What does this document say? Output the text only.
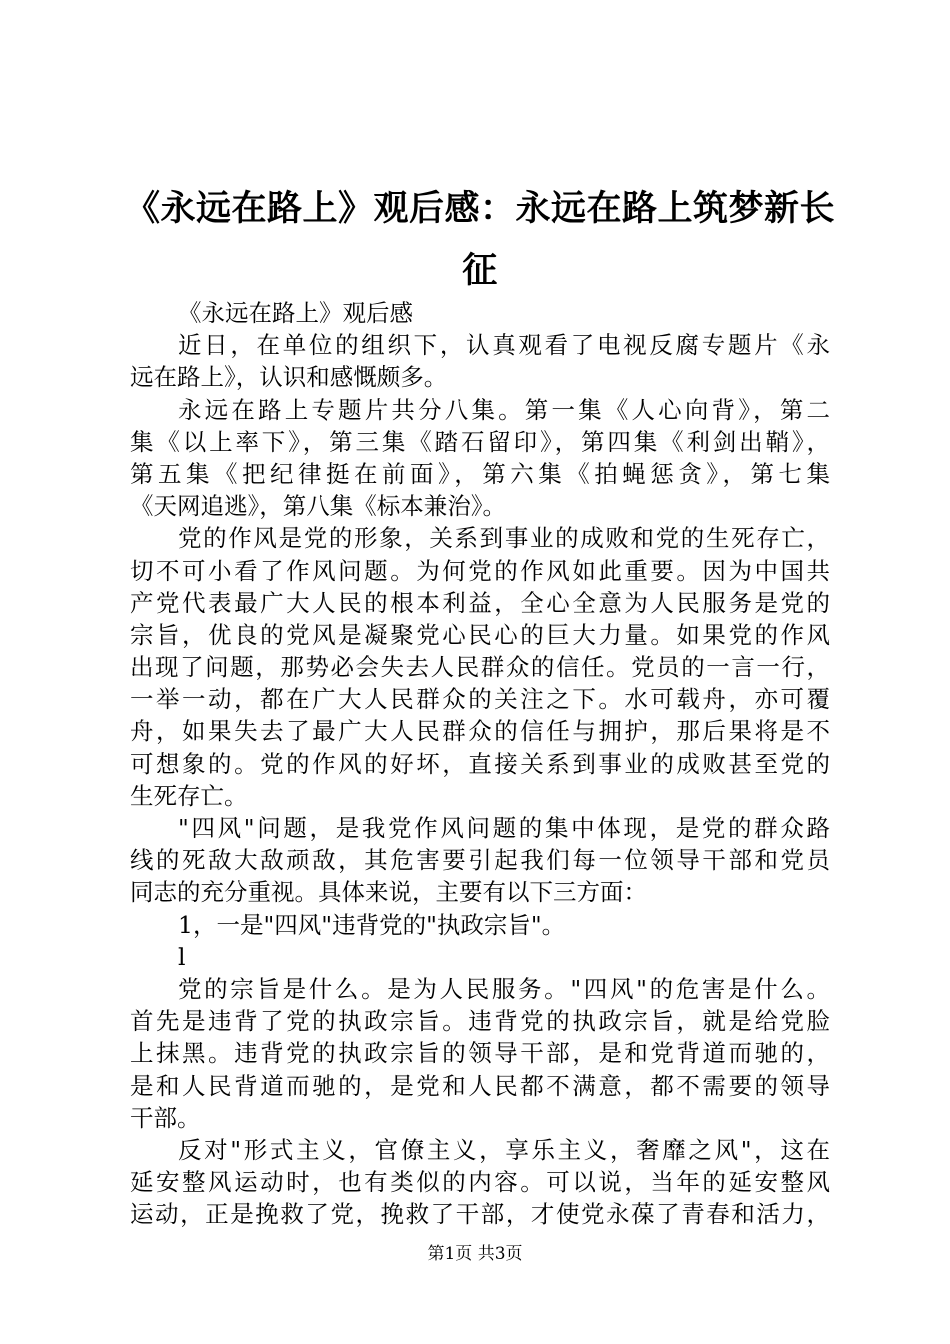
《永远在路上》观后感：永远在路上筑梦新长
征
《永远在路上》观后感
近日，在单位的组织下，认真观看了电视反腐专题片《永
远在路上》，认识和感慨颇多。
永远在路上专题片共分八集。第一集《人心向背》，第二
集《以上率下》，第三集《踏石留印》，第四集《利剑出鞘》，
第五集《把纪律挺在前面》，第六集《拍蝇惩贪》，第七集
《天网追逃》，第八集《标本兼治》。
党的作风是党的形象，关系到事业的成败和党的生死存亡，
切不可小看了作风问题。为何党的作风如此重要。因为中国共
产党代表最广大人民的根本利益，全心全意为人民服务是党的
宗旨，优良的党风是凝聚党心民心的巨大力量。如果党的作风
出现了问题，那势必会失去人民群众的信任。党员的一言一行，
一举一动，都在广大人民群众的关注之下。水可载舟，亦可覆
舟，如果失去了最广大人民群众的信任与拥护，那后果将是不
可想象的。党的作风的好坏，直接关系到事业的成败甚至党的
生死存亡。
"四风"问题，是我党作风问题的集中体现，是党的群众路
线的死敌大敌顽敌，其危害要引起我们每一位领导干部和党员
同志的充分重视。具体来说，主要有以下三方面：
1，一是"四风"违背党的"执政宗旨"。
l
党的宗旨是什么。是为人民服务。"四风"的危害是什么。
首先是违背了党的执政宗旨。违背党的执政宗旨，就是给党脸
上抹黑。违背党的执政宗旨的领导干部，是和党背道而驰的，
是和人民背道而驰的，是党和人民都不满意，都不需要的领导
干部。
反对"形式主义，官僚主义，享乐主义，奢靡之风"，这在
延安整风运动时，也有类似的内容。可以说，当年的延安整风
运动，正是挽救了党，挽救了干部，才使党永葆了青春和活力，
第1页 共3页
